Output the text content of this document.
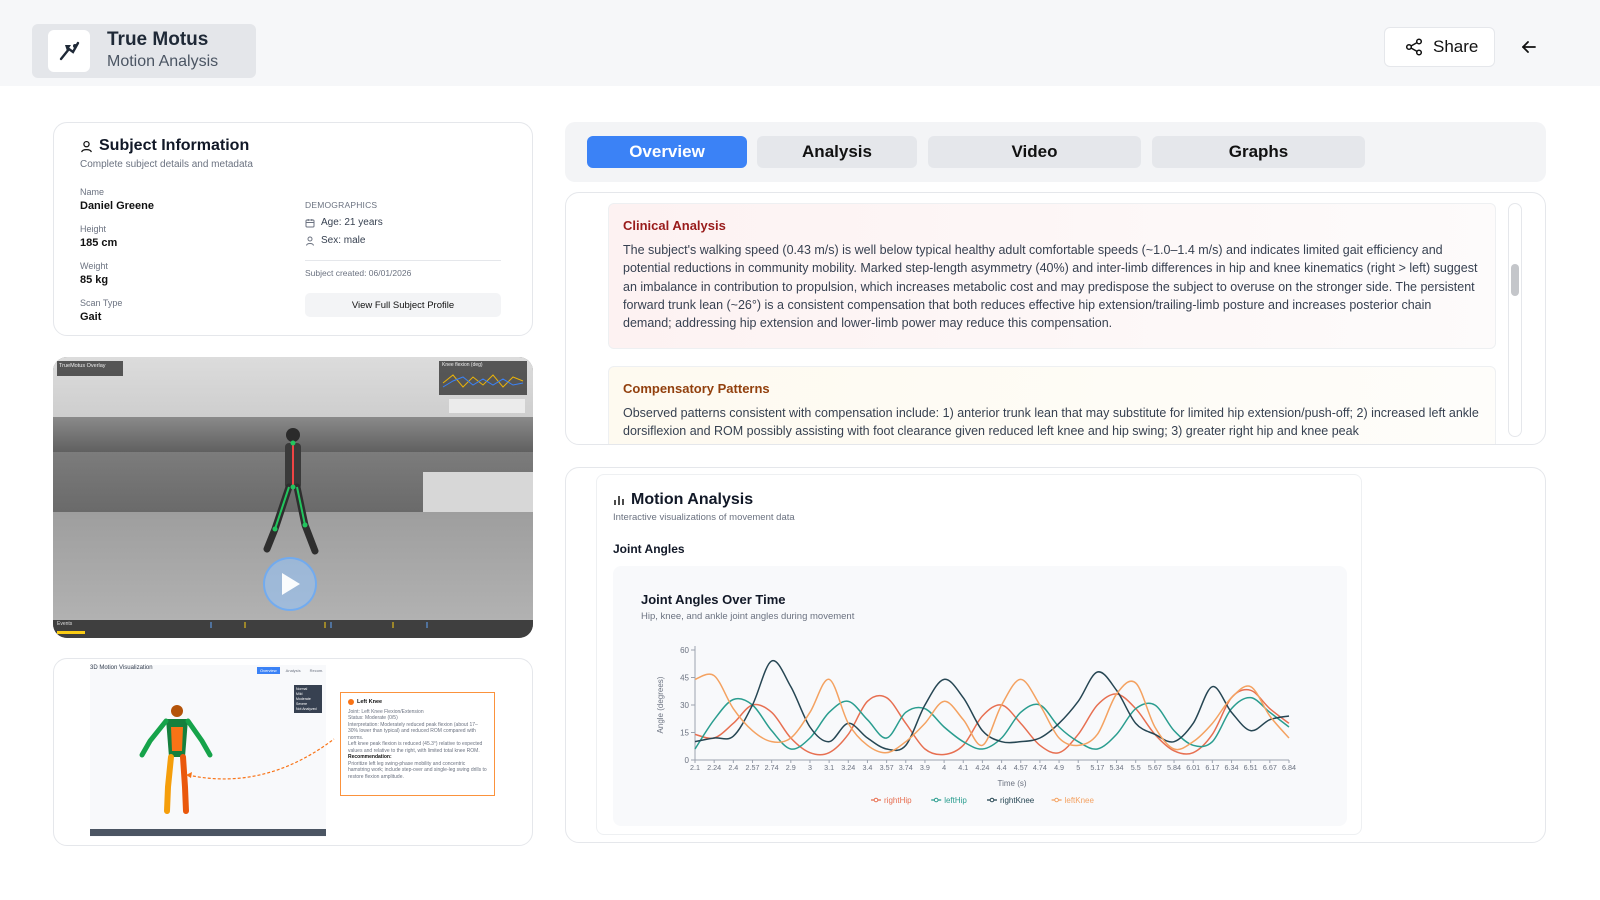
True Motus
Motion Analysis
Share
Subject Information
Complete subject details and metadata
Name
Daniel Greene
Height
185 cm
Weight
85 kg
Scan Type
Gait
DEMOGRAPHICS
Age: 21 years
Sex: male
Subject created: 06/01/2026
View Full Subject Profile
TrueMotus Overlay	Knee flexion (deg)
Events
3D Motion Visualization	Overview	Analysis	Recom.
Normal
Mild
Moderate
Severe
Not Analyzed
Left Knee
Joint: Left Knee Flexion/Extension
Status: Moderate (0/5)
Interpretation: Moderately reduced peak flexion (about 17–30% lower than typical) and reduced ROM compared with norms.
Left knee peak flexion is reduced (45.3°) relative to expected values and relative to the right, with limited total knee ROM.
Recommendation:
Prioritize left leg swing-phase mobility and concentric hamstring work; include step-over and single-leg swing drills to restore flexion amplitude.
Overview	Analysis	Video	Graphs
Clinical Analysis

The subject's walking speed (0.43 m/s) is well below typical healthy adult comfortable speeds (~1.0–1.4 m/s) and indicates limited gait efficiency and potential reductions in community mobility. Marked step-length asymmetry (40%) and inter-limb differences in hip and knee kinematics (right > left) suggest an imbalance in contribution to propulsion, which increases metabolic cost and may predispose the subject to overuse on the stronger side. The persistent forward trunk lean (~26°) is a consistent compensation that both reduces effective hip extension/trailing-limb posture and increases posterior chain demand; addressing hip extension and lower-limb power may reduce this compensation.

Compensatory Patterns

Observed patterns consistent with compensation include: 1) anterior trunk lean that may substitute for limited hip extension/push-off; 2) increased left ankle dorsiflexion and ROM possibly assisting with foot clearance given reduced left knee and hip swing; 3) greater right hip and knee peak

Motion Analysis
Interactive visualizations of movement data
Joint Angles
Joint Angles Over Time
Hip, knee, and ankle joint angles during movement
0
15
30
45
60
2.1 2.24 2.4 2.57 2.74 2.9 3 3.1 3.24 3.4 3.57 3.74 3.9 4 4.1 4.24 4.4 4.57 4.74 4.9 5 5.17 5.34 5.5 5.67 5.84 6.01 6.17 6.34 6.51 6.67 6.84
Time (s)
Angle (degrees)
rightHip	leftHip	rightKnee	leftKnee
